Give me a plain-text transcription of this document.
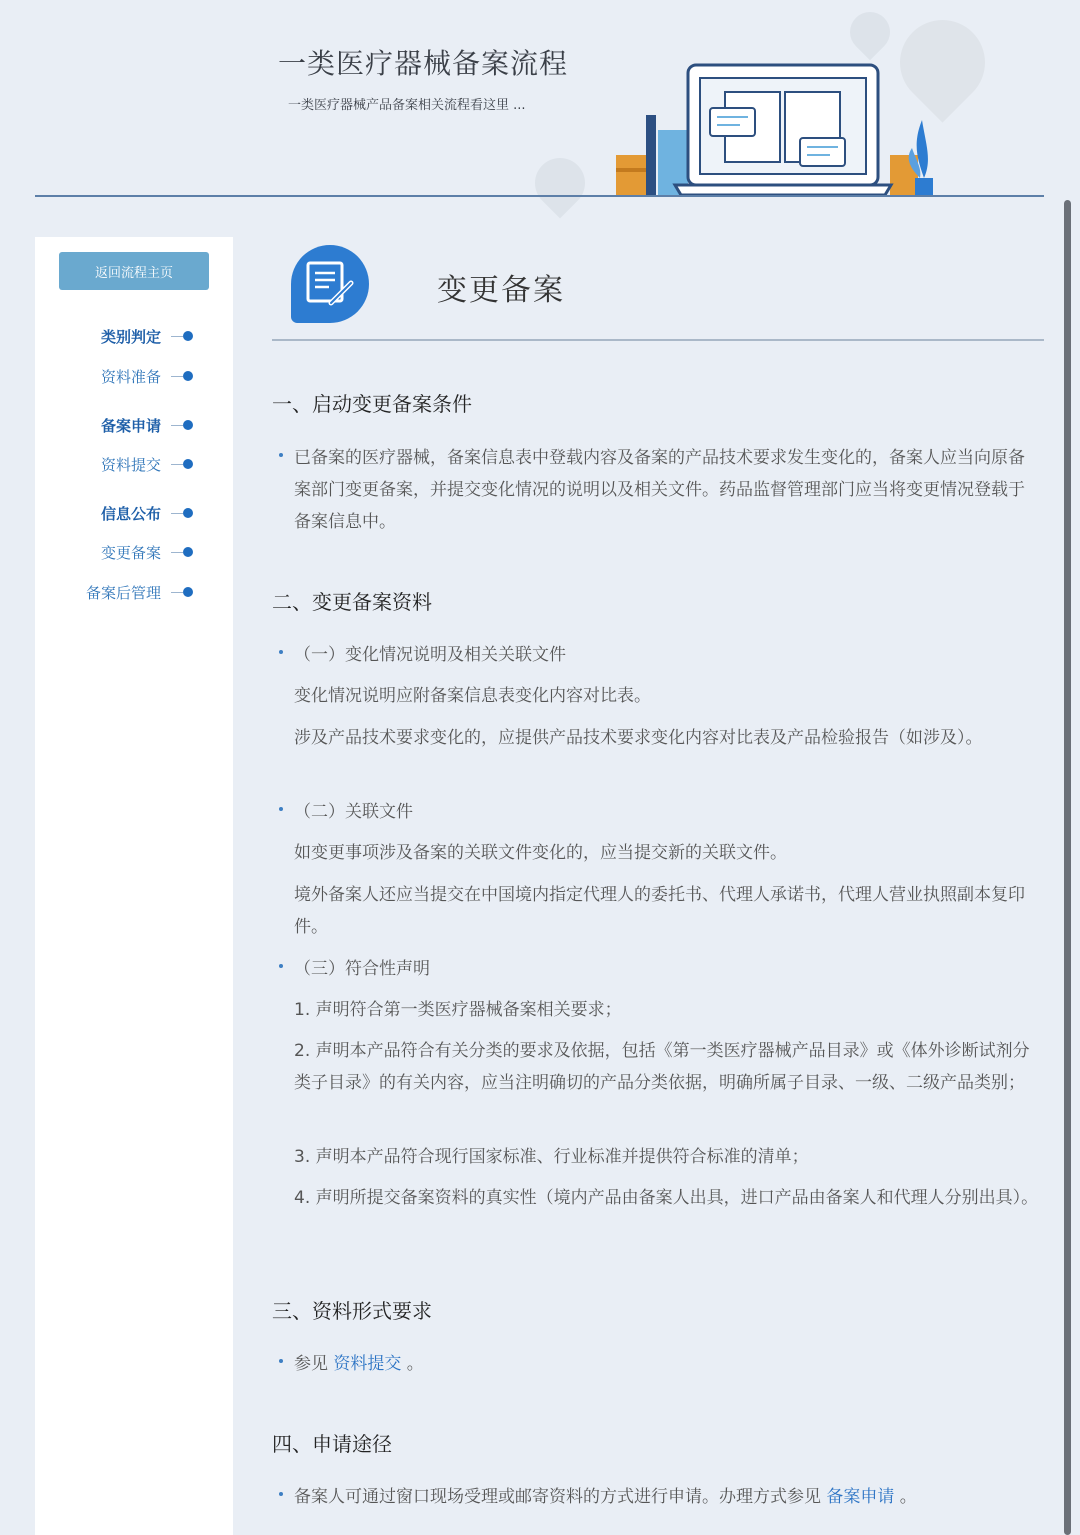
一类医疗器械备案流程
一类医疗器械产品备案相关流程看这里 ...
返回流程主页
类别判定
资料准备
备案申请
资料提交
信息公布
变更备案
备案后管理
变更备案
一、启动变更备案条件
已备案的医疗器械，备案信息表中登载内容及备案的产品技术要求发生变化的，备案人应当向原备案部门变更备案，并提交变化情况的说明以及相关文件。药品监督管理部门应当将变更情况登载于备案信息中。
二、变更备案资料
（一）变化情况说明及相关关联文件
变化情况说明应附备案信息表变化内容对比表。
涉及产品技术要求变化的，应提供产品技术要求变化内容对比表及产品检验报告（如涉及）。
（二）关联文件
如变更事项涉及备案的关联文件变化的，应当提交新的关联文件。
境外备案人还应当提交在中国境内指定代理人的委托书、代理人承诺书，代理人营业执照副本复印件。
（三）符合性声明
1. 声明符合第一类医疗器械备案相关要求；
2. 声明本产品符合有关分类的要求及依据，包括《第一类医疗器械产品目录》或《体外诊断试剂分类子目录》的有关内容，应当注明确切的产品分类依据，明确所属子目录、一级、二级产品类别；
3. 声明本产品符合现行国家标准、行业标准并提供符合标准的清单；
4. 声明所提交备案资料的真实性（境内产品由备案人出具，进口产品由备案人和代理人分别出具）。
三、资料形式要求
参见 资料提交 。
四、申请途径
备案人可通过窗口现场受理或邮寄资料的方式进行申请。办理方式参见 备案申请 。
